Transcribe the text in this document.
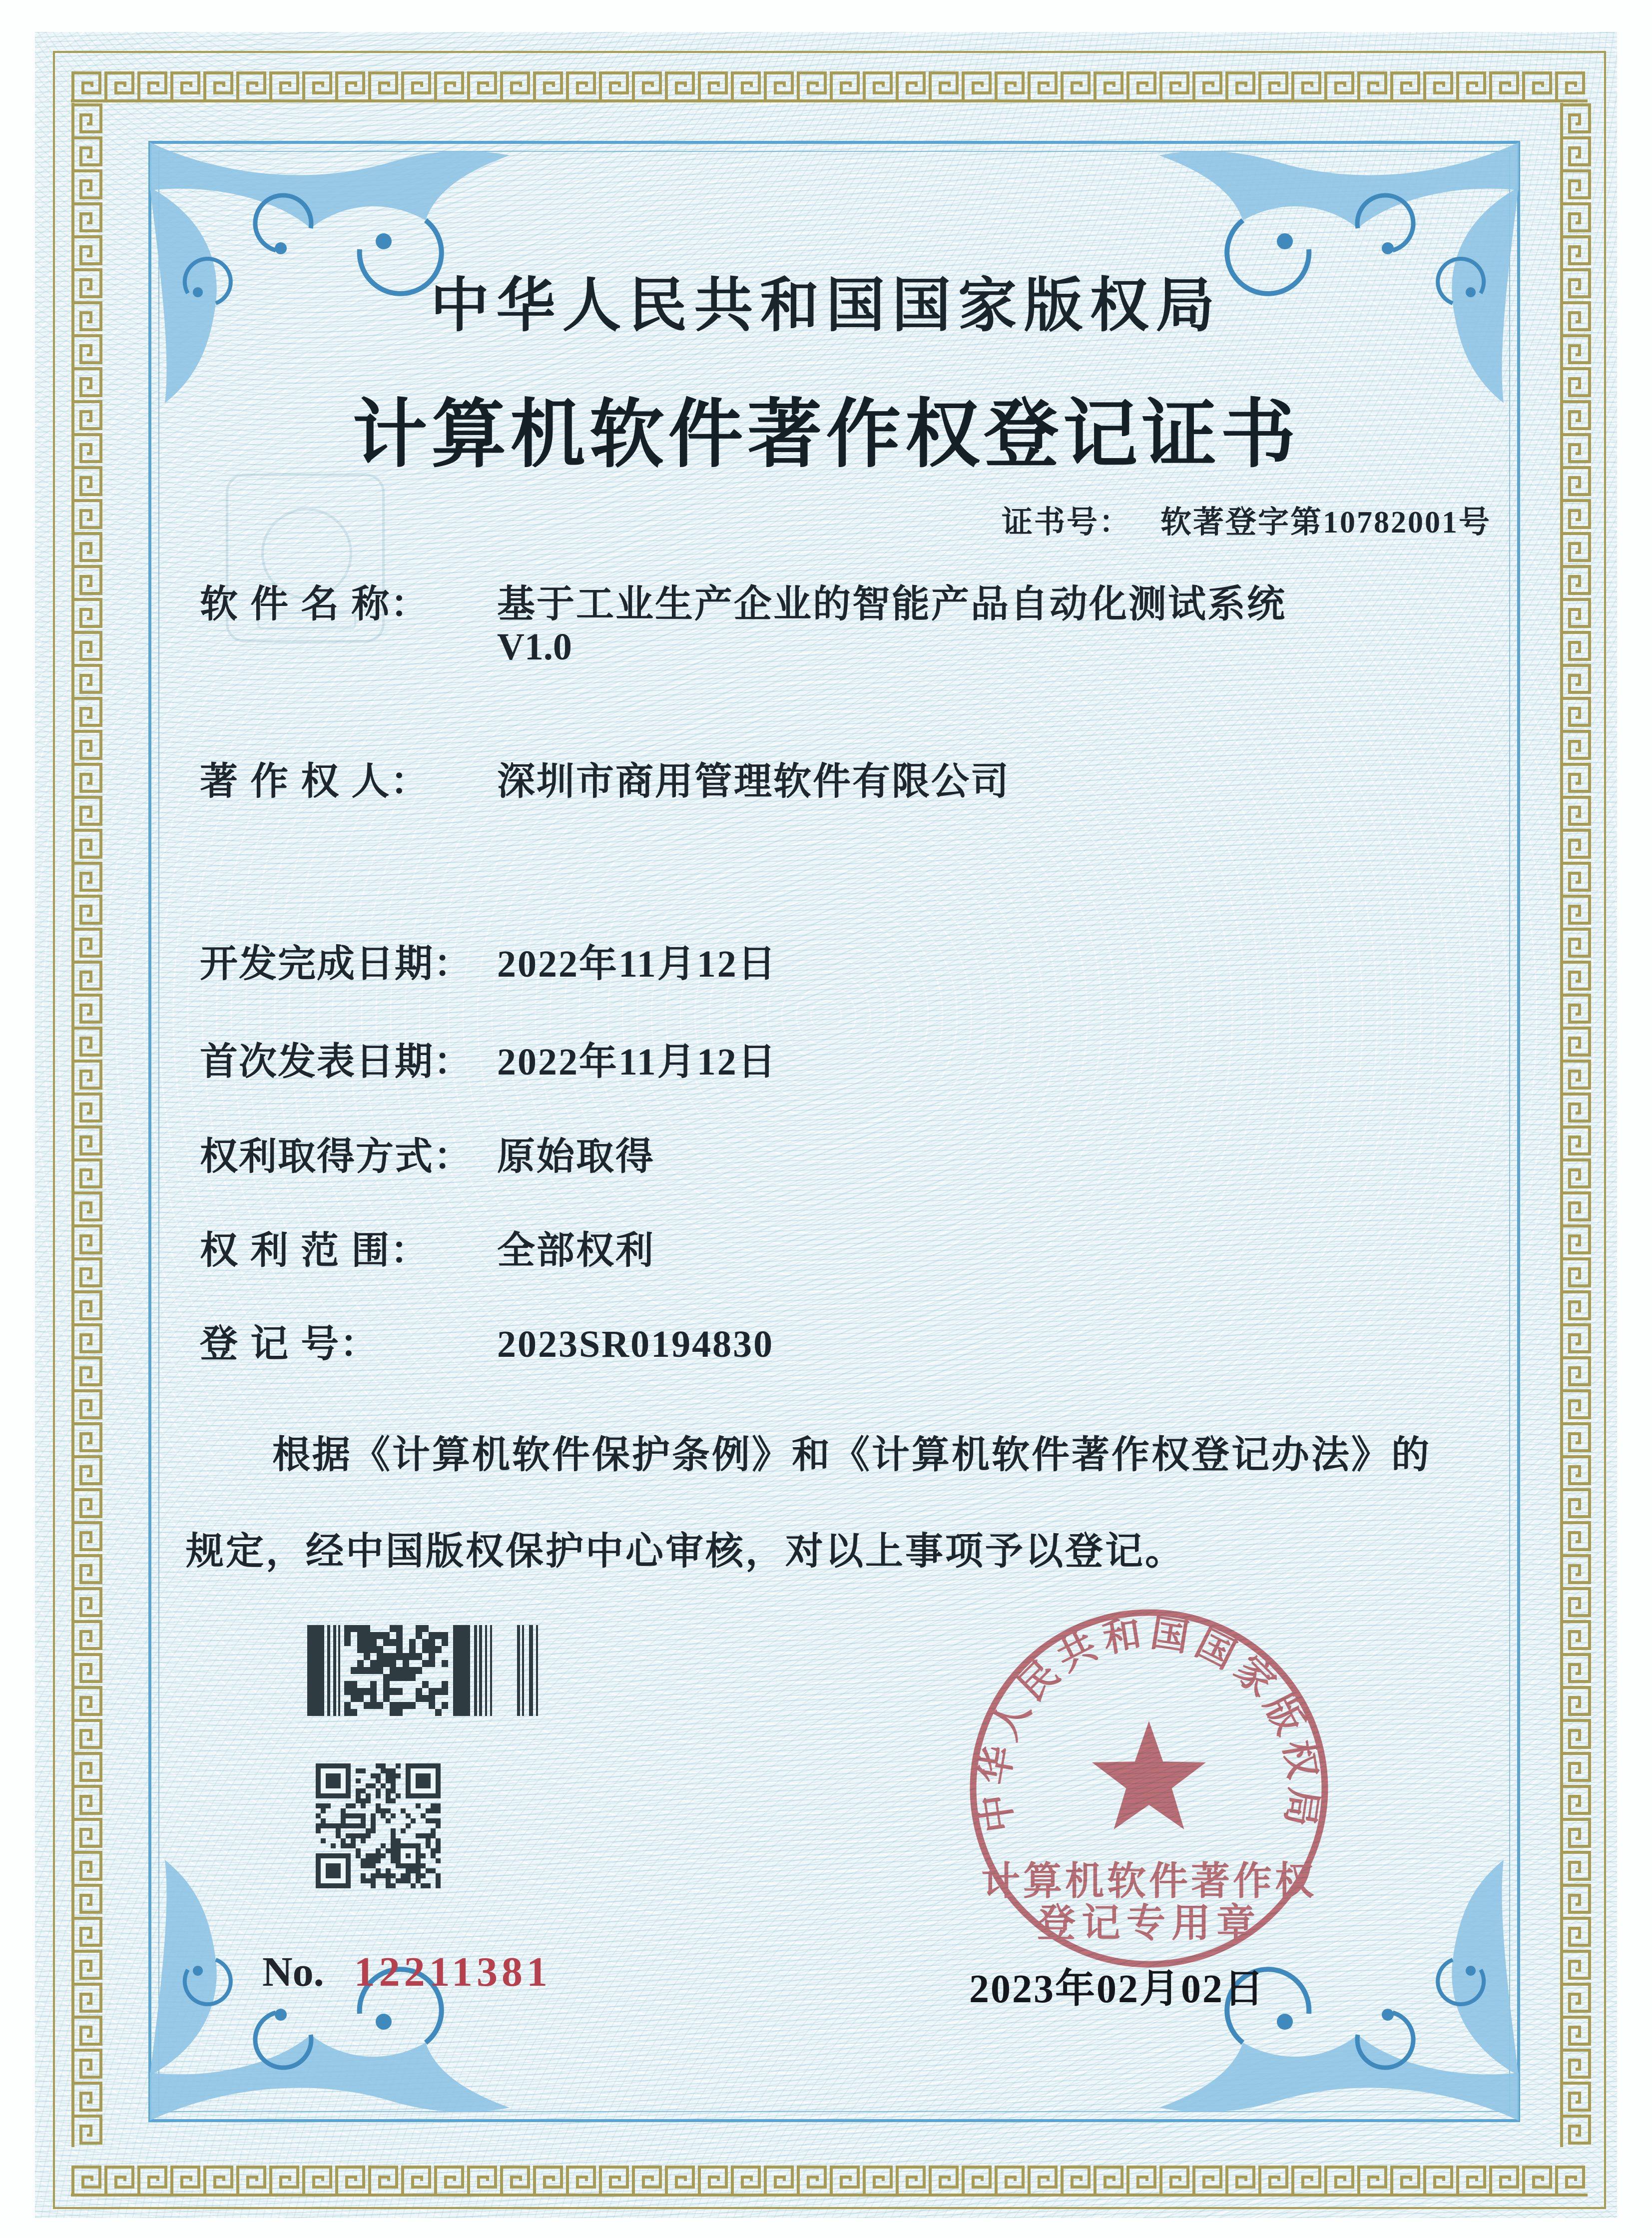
中华人民共和国国家版权局
计算机软件著作权登记证书
证书号： 软著登字第10782001号
软 件 名 称： 基于工业生产企业的智能产品自动化测试系统
V1.0
著 作 权 人： 深圳市商用管理软件有限公司
开发完成日期： 2022年11月12日
首次发表日期： 2022年11月12日
权利取得方式： 原始取得
权 利 范 围： 全部权利
登 记 号：	2023SR0194830
根据《计算机软件保护条例》和《计算机软件著作权登记办法》的
规定，经中国版权保护中心审核，对以上事项予以登记。
No. 12211381
中华人民共和国国家版权局
计算机软件著作权
登记专用章
2023年02月02日
